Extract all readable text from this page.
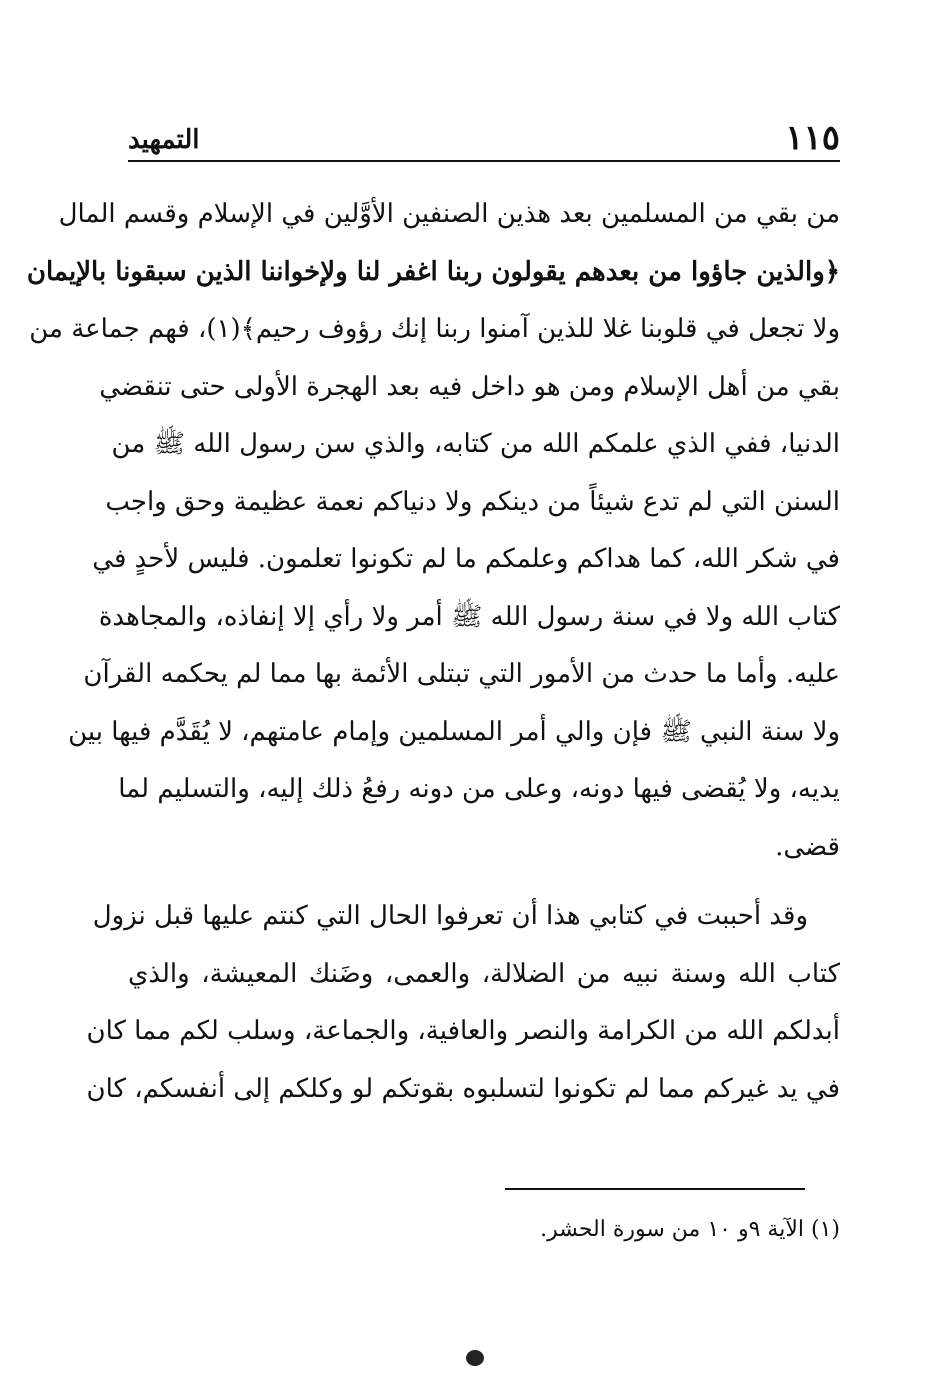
١١٥
التمهيد
من بقي من المسلمين بعد هذين الصنفين الأوَّلين في الإسلام وقسم المال
﴿والذين جاؤوا من بعدهم يقولون ربنا اغفر لنا ولإخواننا الذين سبقونا بالإيمان
ولا تجعل في قلوبنا غلا للذين آمنوا ربنا إنك رؤوف رحيم﴾(١)، فهم جماعة من
بقي من أهل الإسلام ومن هو داخل فيه بعد الهجرة الأولى حتى تنقضي
الدنيا، ففي الذي علمكم الله من كتابه، والذي سن رسول الله ﷺ من
السنن التي لم تدع شيئاً من دينكم ولا دنياكم نعمة عظيمة وحق واجب
في شكر الله، كما هداكم وعلمكم ما لم تكونوا تعلمون. فليس لأحدٍ في
كتاب الله ولا في سنة رسول الله ﷺ أمر ولا رأي إلا إنفاذه، والمجاهدة
عليه. وأما ما حدث من الأمور التي تبتلى الأئمة بها مما لم يحكمه القرآن
ولا سنة النبي ﷺ فإن والي أمر المسلمين وإمام عامتهم، لا يُقَدَّم فيها بين
يديه، ولا يُقضى فيها دونه، وعلى من دونه رفعُ ذلك إليه، والتسليم لما
قضى.
وقد أحببت في كتابي هذا أن تعرفوا الحال التي كنتم عليها قبل نزول
كتاب الله وسنة نبيه من الضلالة، والعمى، وضَنك المعيشة، والذي
أبدلكم الله من الكرامة والنصر والعافية، والجماعة، وسلب لكم مما كان
في يد غيركم مما لم تكونوا لتسلبوه بقوتكم لو وكلكم إلى أنفسكم، كان
(١) الآية ٩و ١٠ من سورة الحشر.
